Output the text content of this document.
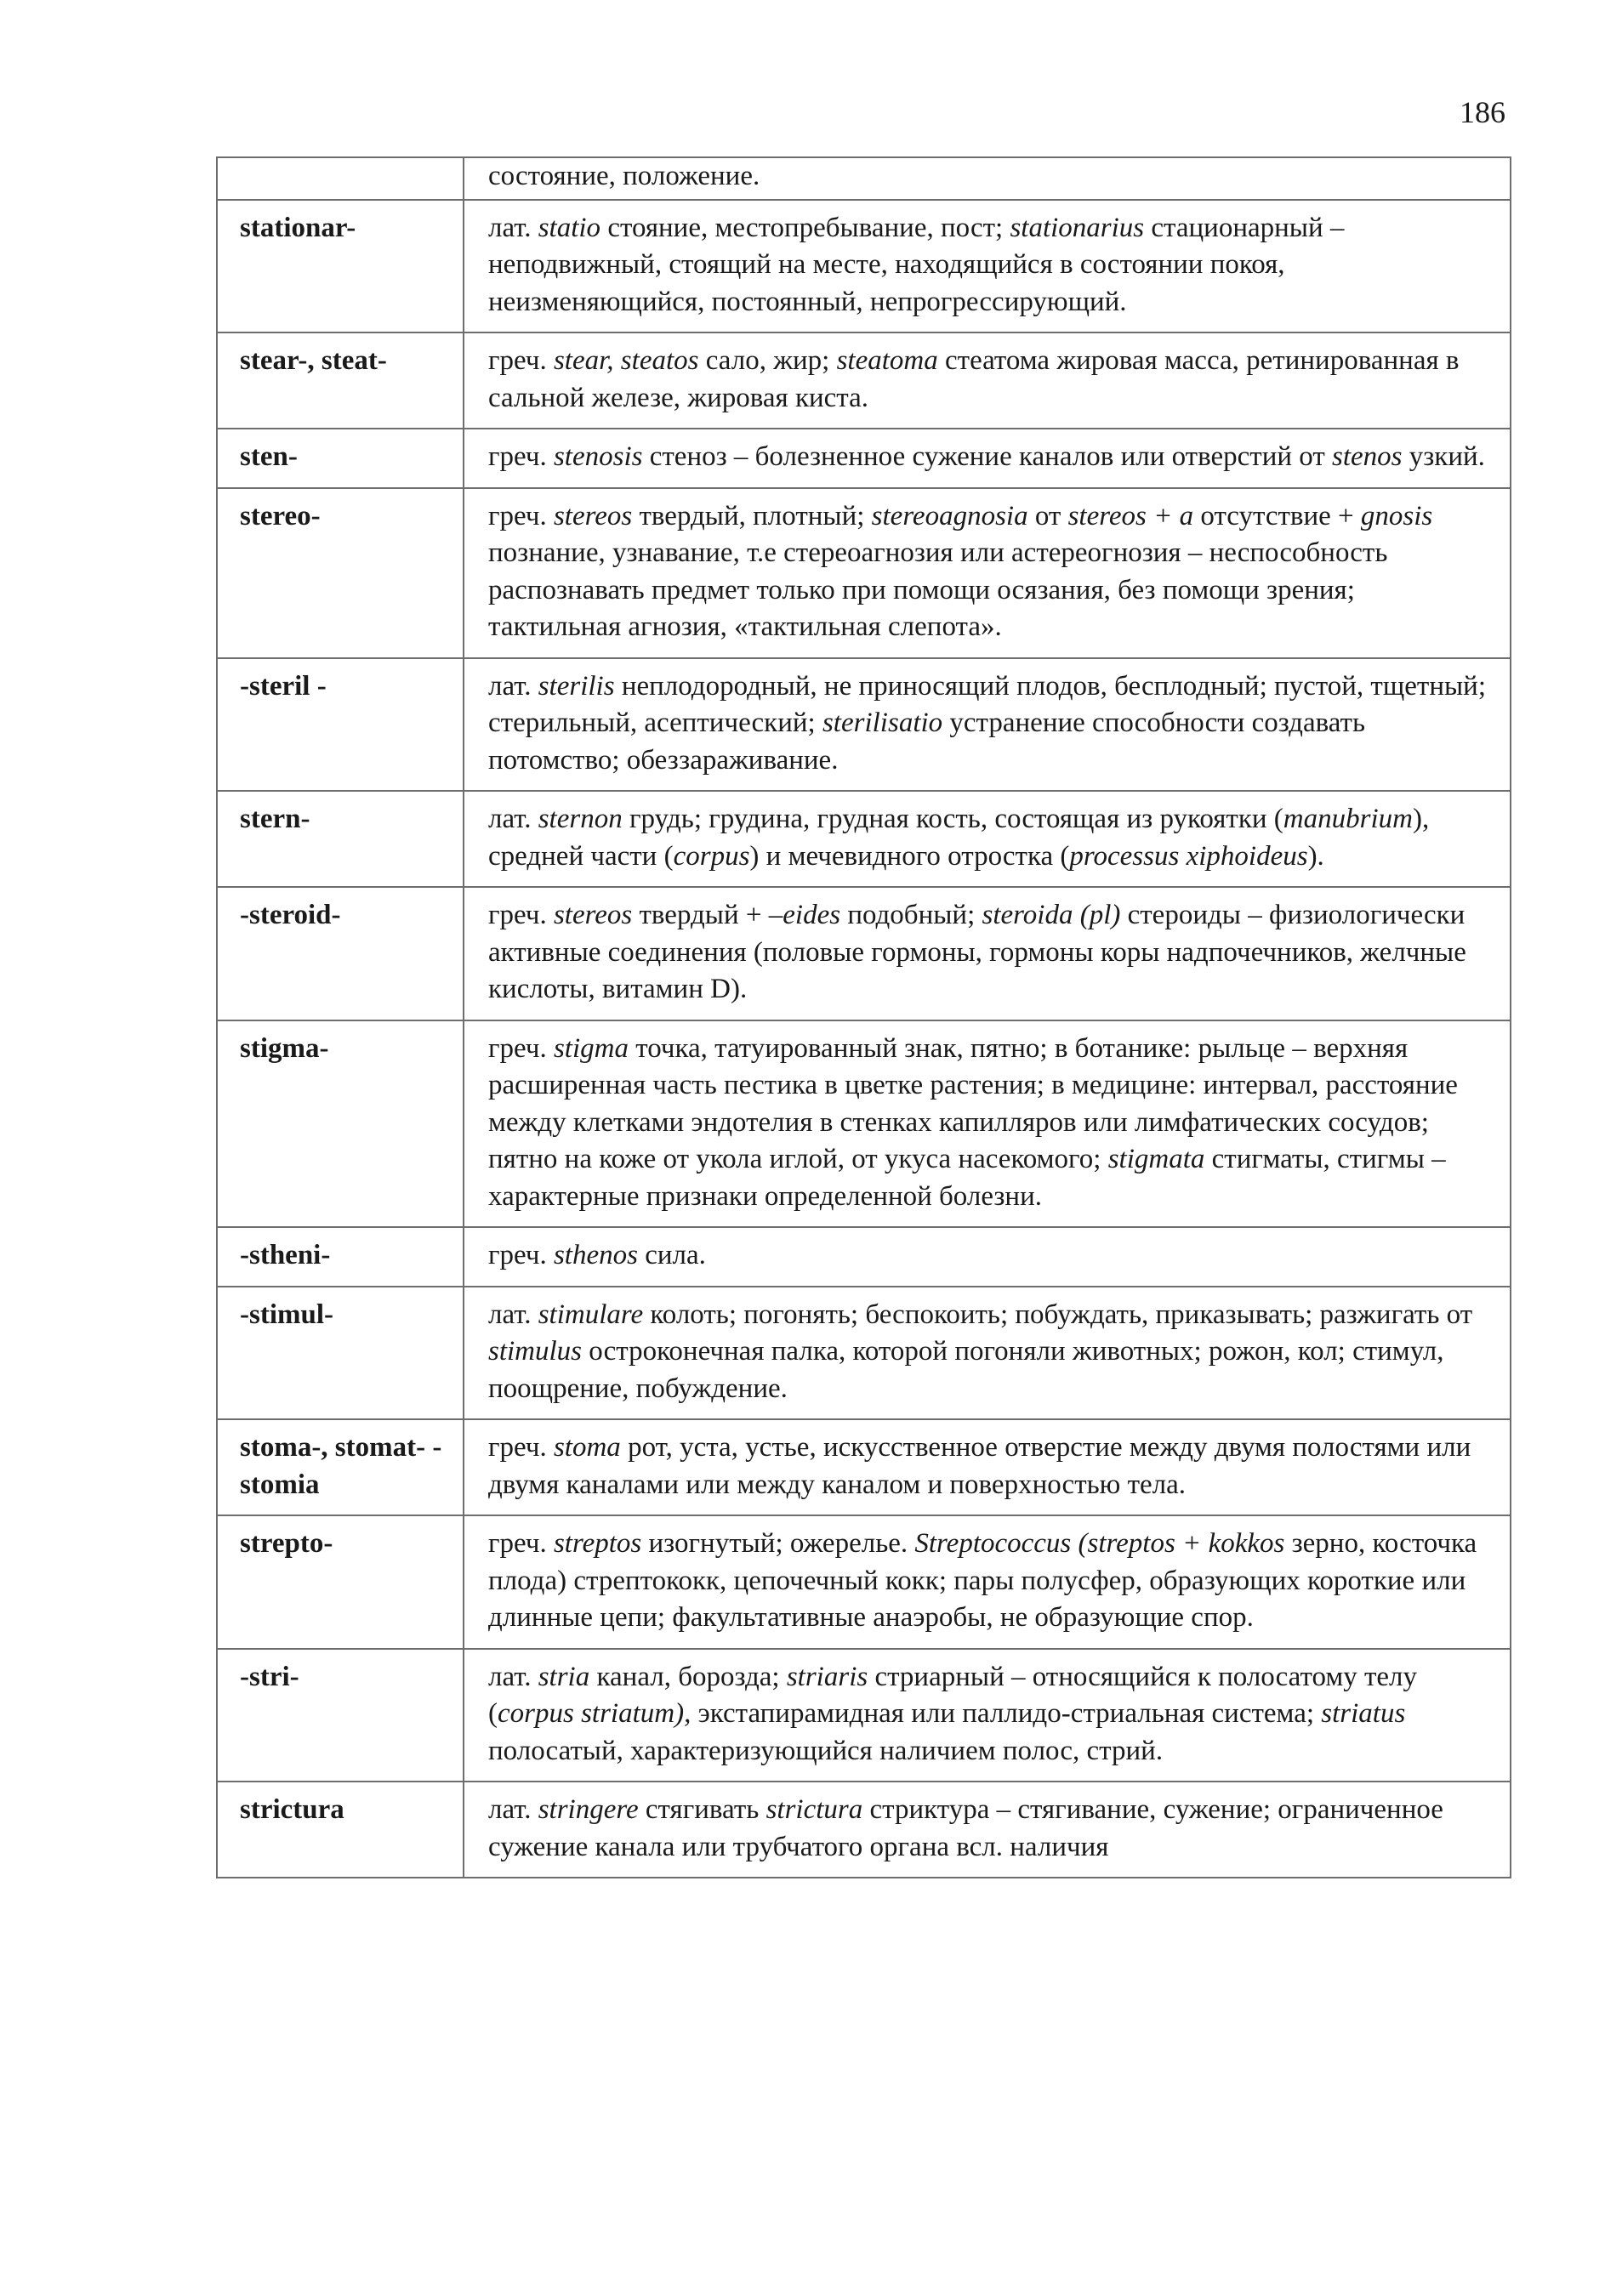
186
	состояние, положение.
stationar-	лат. statio стояние, местопребывание, пост; stationarius стационарный – неподвижный, стоящий на месте, находящийся в состоянии покоя, неизменяющийся, постоянный, непрогрессирующий.
stear-, steat-	греч. stear, steatos сало, жир; steatoma стеатома жировая масса, ретинированная в сальной железе, жировая киста.
sten-	греч. stenosis стеноз – болезненное сужение каналов или отверстий от stenos узкий.
stereo-	греч. stereos твердый, плотный; stereoagnosia от stereos + a отсутствие + gnosis познание, узнавание, т.е стереоагнозия или астереогнозия – неспособность распознавать предмет только при помощи осязания, без помощи зрения; тактильная агнозия, «тактильная слепота».
-steril -	лат. sterilis неплодородный, не приносящий плодов, бесплодный; пустой, тщетный; стерильный, асептический; sterilisatio устранение способности создавать потомство; обеззараживание.
stern-	лат. sternon грудь; грудина, грудная кость, состоящая из рукоятки (manubrium), средней части (corpus) и мечевидного отростка (processus xiphoideus).
-steroid-	греч. stereos твердый + –eides подобный; steroida (pl) стероиды – физиологически активные соединения (половые гормоны, гормоны коры надпочечников, желчные кислоты, витамин D).
stigma-	греч. stigma точка, татуированный знак, пятно; в ботанике: рыльце – верхняя расширенная часть пестика в цветке растения; в медицине: интервал, расстояние между клетками эндотелия в стенках капилляров или лимфатических сосудов; пятно на коже от укола иглой, от укуса насекомого; stigmata стигматы, стигмы – характерные признаки определенной болезни.
-stheni-	греч. sthenos сила.
-stimul-	лат. stimulare колоть; погонять; беспокоить; побуждать, приказывать; разжигать от stimulus остроконечная палка, которой погоняли животных; рожон, кол; стимул, поощрение, побуждение.
stoma-, stomat- - stomia	греч. stoma рот, уста, устье, искусственное отверстие между двумя полостями или двумя каналами или между каналом и поверхностью тела.
strepto-	греч. streptos изогнутый; ожерелье. Streptococcus (streptos + kokkos зерно, косточка плода) стрептококк, цепочечный кокк; пары полусфер, образующих короткие или длинные цепи; факультативные анаэробы, не образующие спор.
-stri-	лат. stria канал, борозда; striaris стриарный – относящийся к полосатому телу (corpus striatum), экстапирамидная или паллидо-стриальная система; striatus полосатый, характеризующийся наличием полос, стрий.
strictura	лат. stringere стягивать strictura стриктура – стягивание, сужение; ограниченное сужение канала или трубчатого органа всл. наличия
